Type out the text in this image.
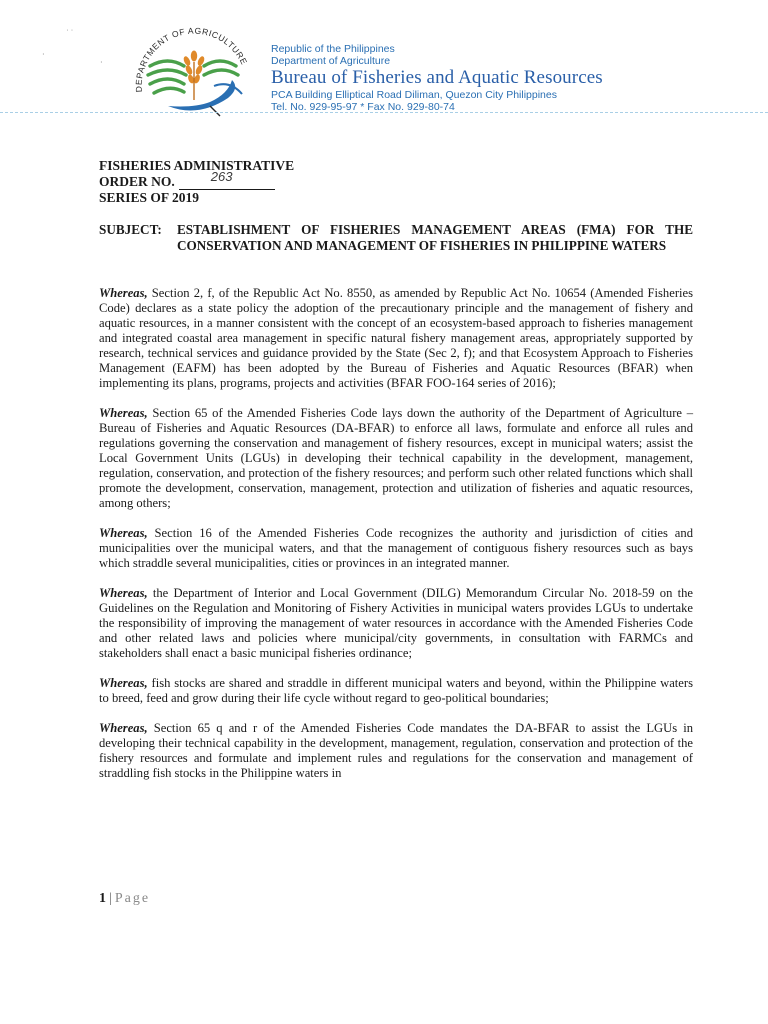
DEPARTMENT OF AGRICULTURE
Republic of the Philippines
Department of Agriculture
Bureau of Fisheries and Aquatic Resources
PCA Building Elliptical Road Diliman, Quezon City Philippines
Tel. No. 929-95-97 * Fax No. 929-80-74
˙ ˙
·
·
FISHERIES ADMINISTRATIVE
ORDER NO.	263
SERIES OF 2019
SUBJECT: ESTABLISHMENT OF FISHERIES MANAGEMENT AREAS (FMA) FOR THE CONSERVATION AND MANAGEMENT OF FISHERIES IN PHILIPPINE WATERS

Whereas, Section 2, f, of the Republic Act No. 8550, as amended by Republic Act No. 10654 (Amended Fisheries Code) declares as a state policy the adoption of the precautionary principle and the management of fishery and aquatic resources, in a manner consistent with the concept of an ecosystem-based approach to fisheries management and integrated coastal area management in specific natural fishery management areas, appropriately supported by research, technical services and guidance provided by the State (Sec 2, f); and that Ecosystem Approach to Fisheries Management (EAFM) has been adopted by the Bureau of Fisheries and Aquatic Resources (BFAR) when implementing its plans, programs, projects and activities (BFAR FOO-164 series of 2016);

Whereas, Section 65 of the Amended Fisheries Code lays down the authority of the Department of Agriculture – Bureau of Fisheries and Aquatic Resources (DA-BFAR) to enforce all laws, formulate and enforce all rules and regulations governing the conservation and management of fishery resources, except in municipal waters; assist the Local Government Units (LGUs) in developing their technical capability in the development, management, regulation, conservation, and protection of the fishery resources; and perform such other related functions which shall promote the development, conservation, management, protection and utilization of fisheries and aquatic resources, among others;

Whereas, Section 16 of the Amended Fisheries Code recognizes the authority and jurisdiction of cities and municipalities over the municipal waters, and that the management of contiguous fishery resources such as bays which straddle several municipalities, cities or provinces in an integrated manner.

Whereas, the Department of Interior and Local Government (DILG) Memorandum Circular No. 2018-59 on the Guidelines on the Regulation and Monitoring of Fishery Activities in municipal waters provides LGUs to undertake the responsibility of improving the management of water resources in accordance with the Amended Fisheries Code and other related laws and policies where municipal/city governments, in consultation with FARMCs and stakeholders shall enact a basic municipal fisheries ordinance;

Whereas, fish stocks are shared and straddle in different municipal waters and beyond, within the Philippine waters to breed, feed and grow during their life cycle without regard to geo-political boundaries;

Whereas, Section 65 q and r of the Amended Fisheries Code mandates the DA-BFAR to assist the LGUs in developing their technical capability in the development, management, regulation, conservation and protection of the fishery resources and formulate and implement rules and regulations for the conservation and management of straddling fish stocks in the Philippine waters in

1 | Page
